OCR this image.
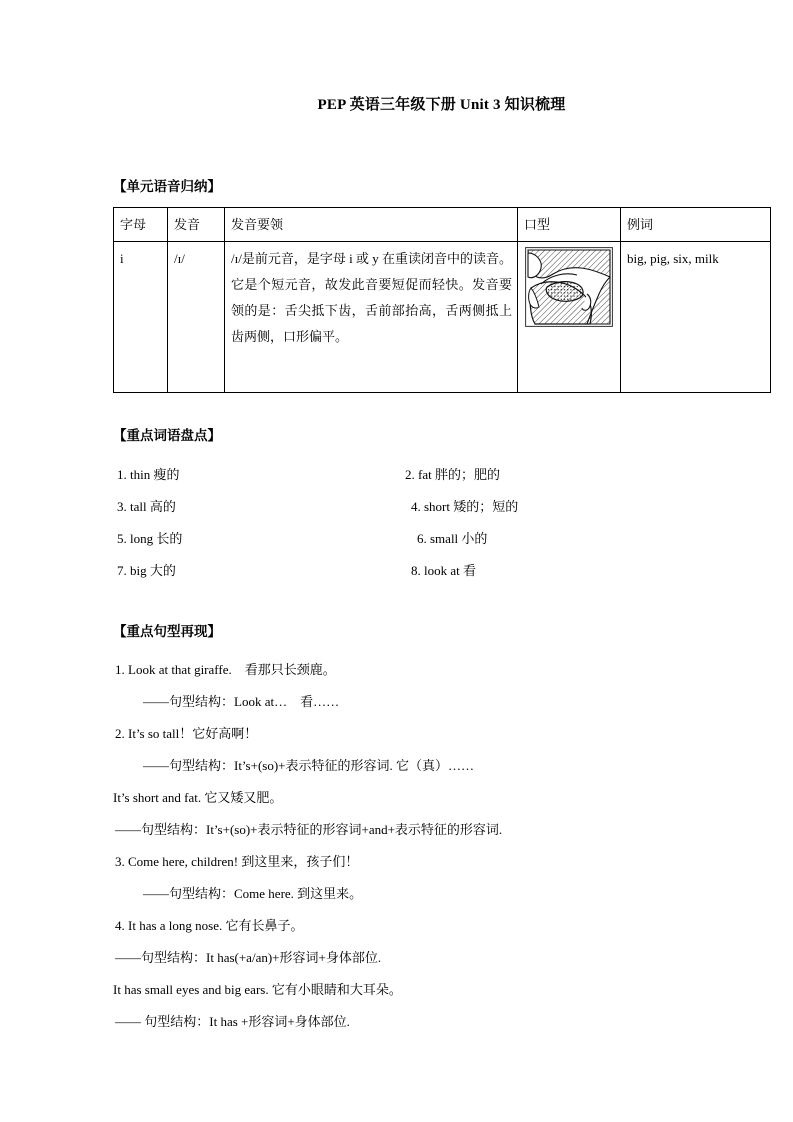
PEP 英语三年级下册 Unit 3 知识梳理
【单元语音归纳】
字母	发音	发音要领	口型	例词
i	/ɪ/	/ɪ/是前元音，是字母 i 或 y 在重读闭音中的读音。它是个短元音，故发此音要短促而轻快。发音要领的是：舌尖抵下齿，舌前部抬高，舌两侧抵上齿两侧，口形偏平。		big, pig, six, milk
【重点词语盘点】
1. thin 瘦的	2. fat 胖的；肥的
3. tall 高的	4. short 矮的；短的
5. long 长的	6. small 小的
7. big 大的	8. look at 看
【重点句型再现】
1. Look at that giraffe.　看那只长颈鹿。
——句型结构：Look at…　看……
2. It’s so tall！它好高啊！
——句型结构：It’s+(so)+表示特征的形容词. 它（真）……
It’s short and fat. 它又矮又肥。
——句型结构：It’s+(so)+表示特征的形容词+and+表示特征的形容词.
3. Come here, children! 到这里来，孩子们！
——句型结构：Come here. 到这里来。
4. It has a long nose. 它有长鼻子。
——句型结构：It has(+a/an)+形容词+身体部位.
It has small eyes and big ears. 它有小眼睛和大耳朵。
—— 句型结构：It has +形容词+身体部位.
